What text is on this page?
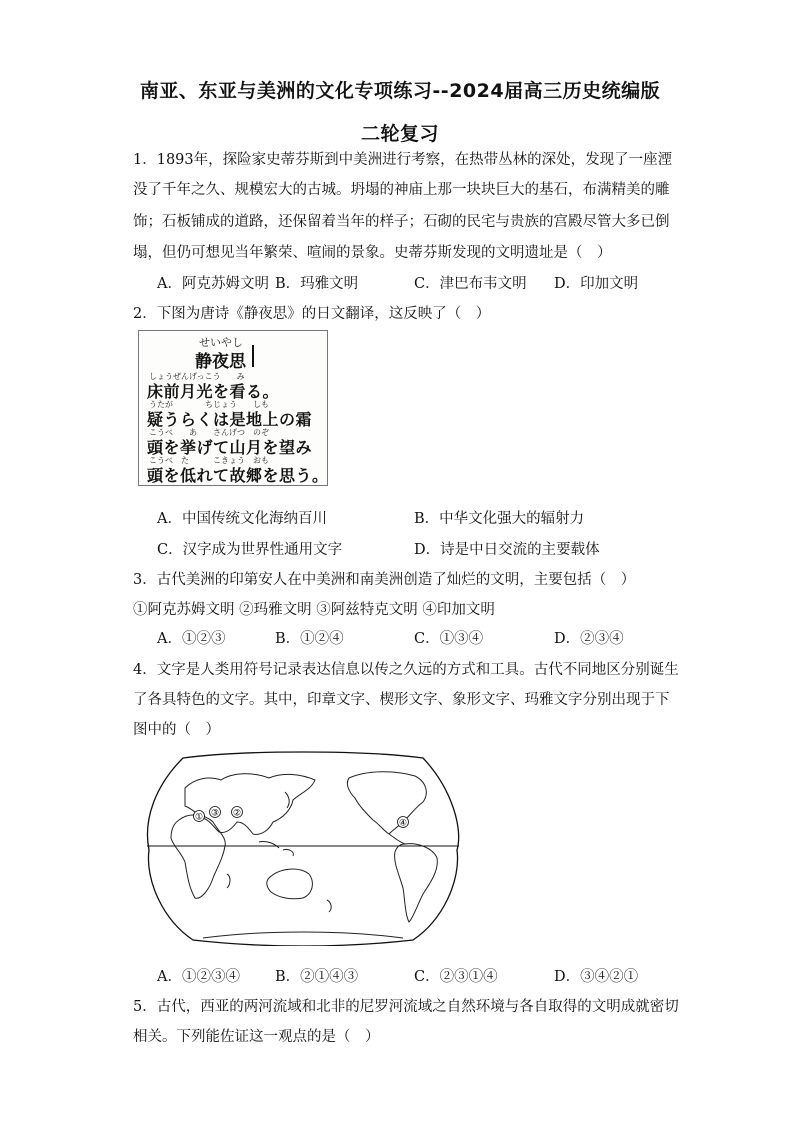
南亚、东亚与美洲的文化专项练习--2024届高三历史统编版
二轮复习
1．1893年，探险家史蒂芬斯到中美洲进行考察，在热带丛林的深处，发现了一座湮
没了千年之久、规模宏大的古城。坍塌的神庙上那一块块巨大的基石，布满精美的雕
饰；石板铺成的道路，还保留着当年的样子；石砌的民宅与贵族的宫殿尽管大多已倒
塌，但仍可想见当年繁荣、喧闹的景象。史蒂芬斯发现的文明遗址是（　）
A．阿克苏姆文明 B．玛雅文明	C．津巴布韦文明 D．印加文明
2．下图为唐诗《静夜思》的日文翻译，这反映了（　）
せいやし
静夜思
しょうぜんげっこう　　み
床前月光を看る。
うたが　　　　ちじょう　　しも
疑うらくは是地上の霜
こうべ　　あ　　さんげつ　のぞ
頭を挙げて山月を望み
こうべ　た　　　こきょう　おも
頭を低れて故郷を思う。
A．中国传统文化海纳百川	B．中华文化强大的辐射力
C．汉字成为世界性通用文字	D．诗是中日交流的主要载体
3．古代美洲的印第安人在中美洲和南美洲创造了灿烂的文明，主要包括（　）
①阿克苏姆文明 ②玛雅文明 ③阿兹特克文明 ④印加文明
A．①②③	B．①②④	C．①③④	D．②③④
4．文字是人类用符号记录表达信息以传之久远的方式和工具。古代不同地区分别诞生
了各具特色的文字。其中，印章文字、楔形文字、象形文字、玛雅文字分别出现于下
图中的（　）
①	②
③
④
A．①②③④ B．②①④③	C．②③①④	D．③④②①
5．古代，西亚的两河流域和北非的尼罗河流域之自然环境与各自取得的文明成就密切
相关。下列能佐证这一观点的是（　）
